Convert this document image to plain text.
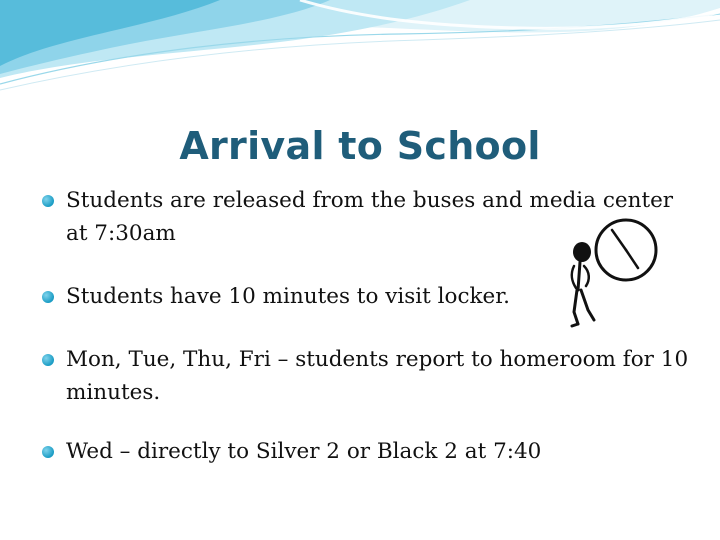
Arrival to School
Students are released from the buses and media center at 7:30am
Students have 10 minutes to visit locker.
Mon, Tue, Thu, Fri – students report to homeroom for 10 minutes.
Wed – directly to Silver 2 or Black 2 at 7:40
